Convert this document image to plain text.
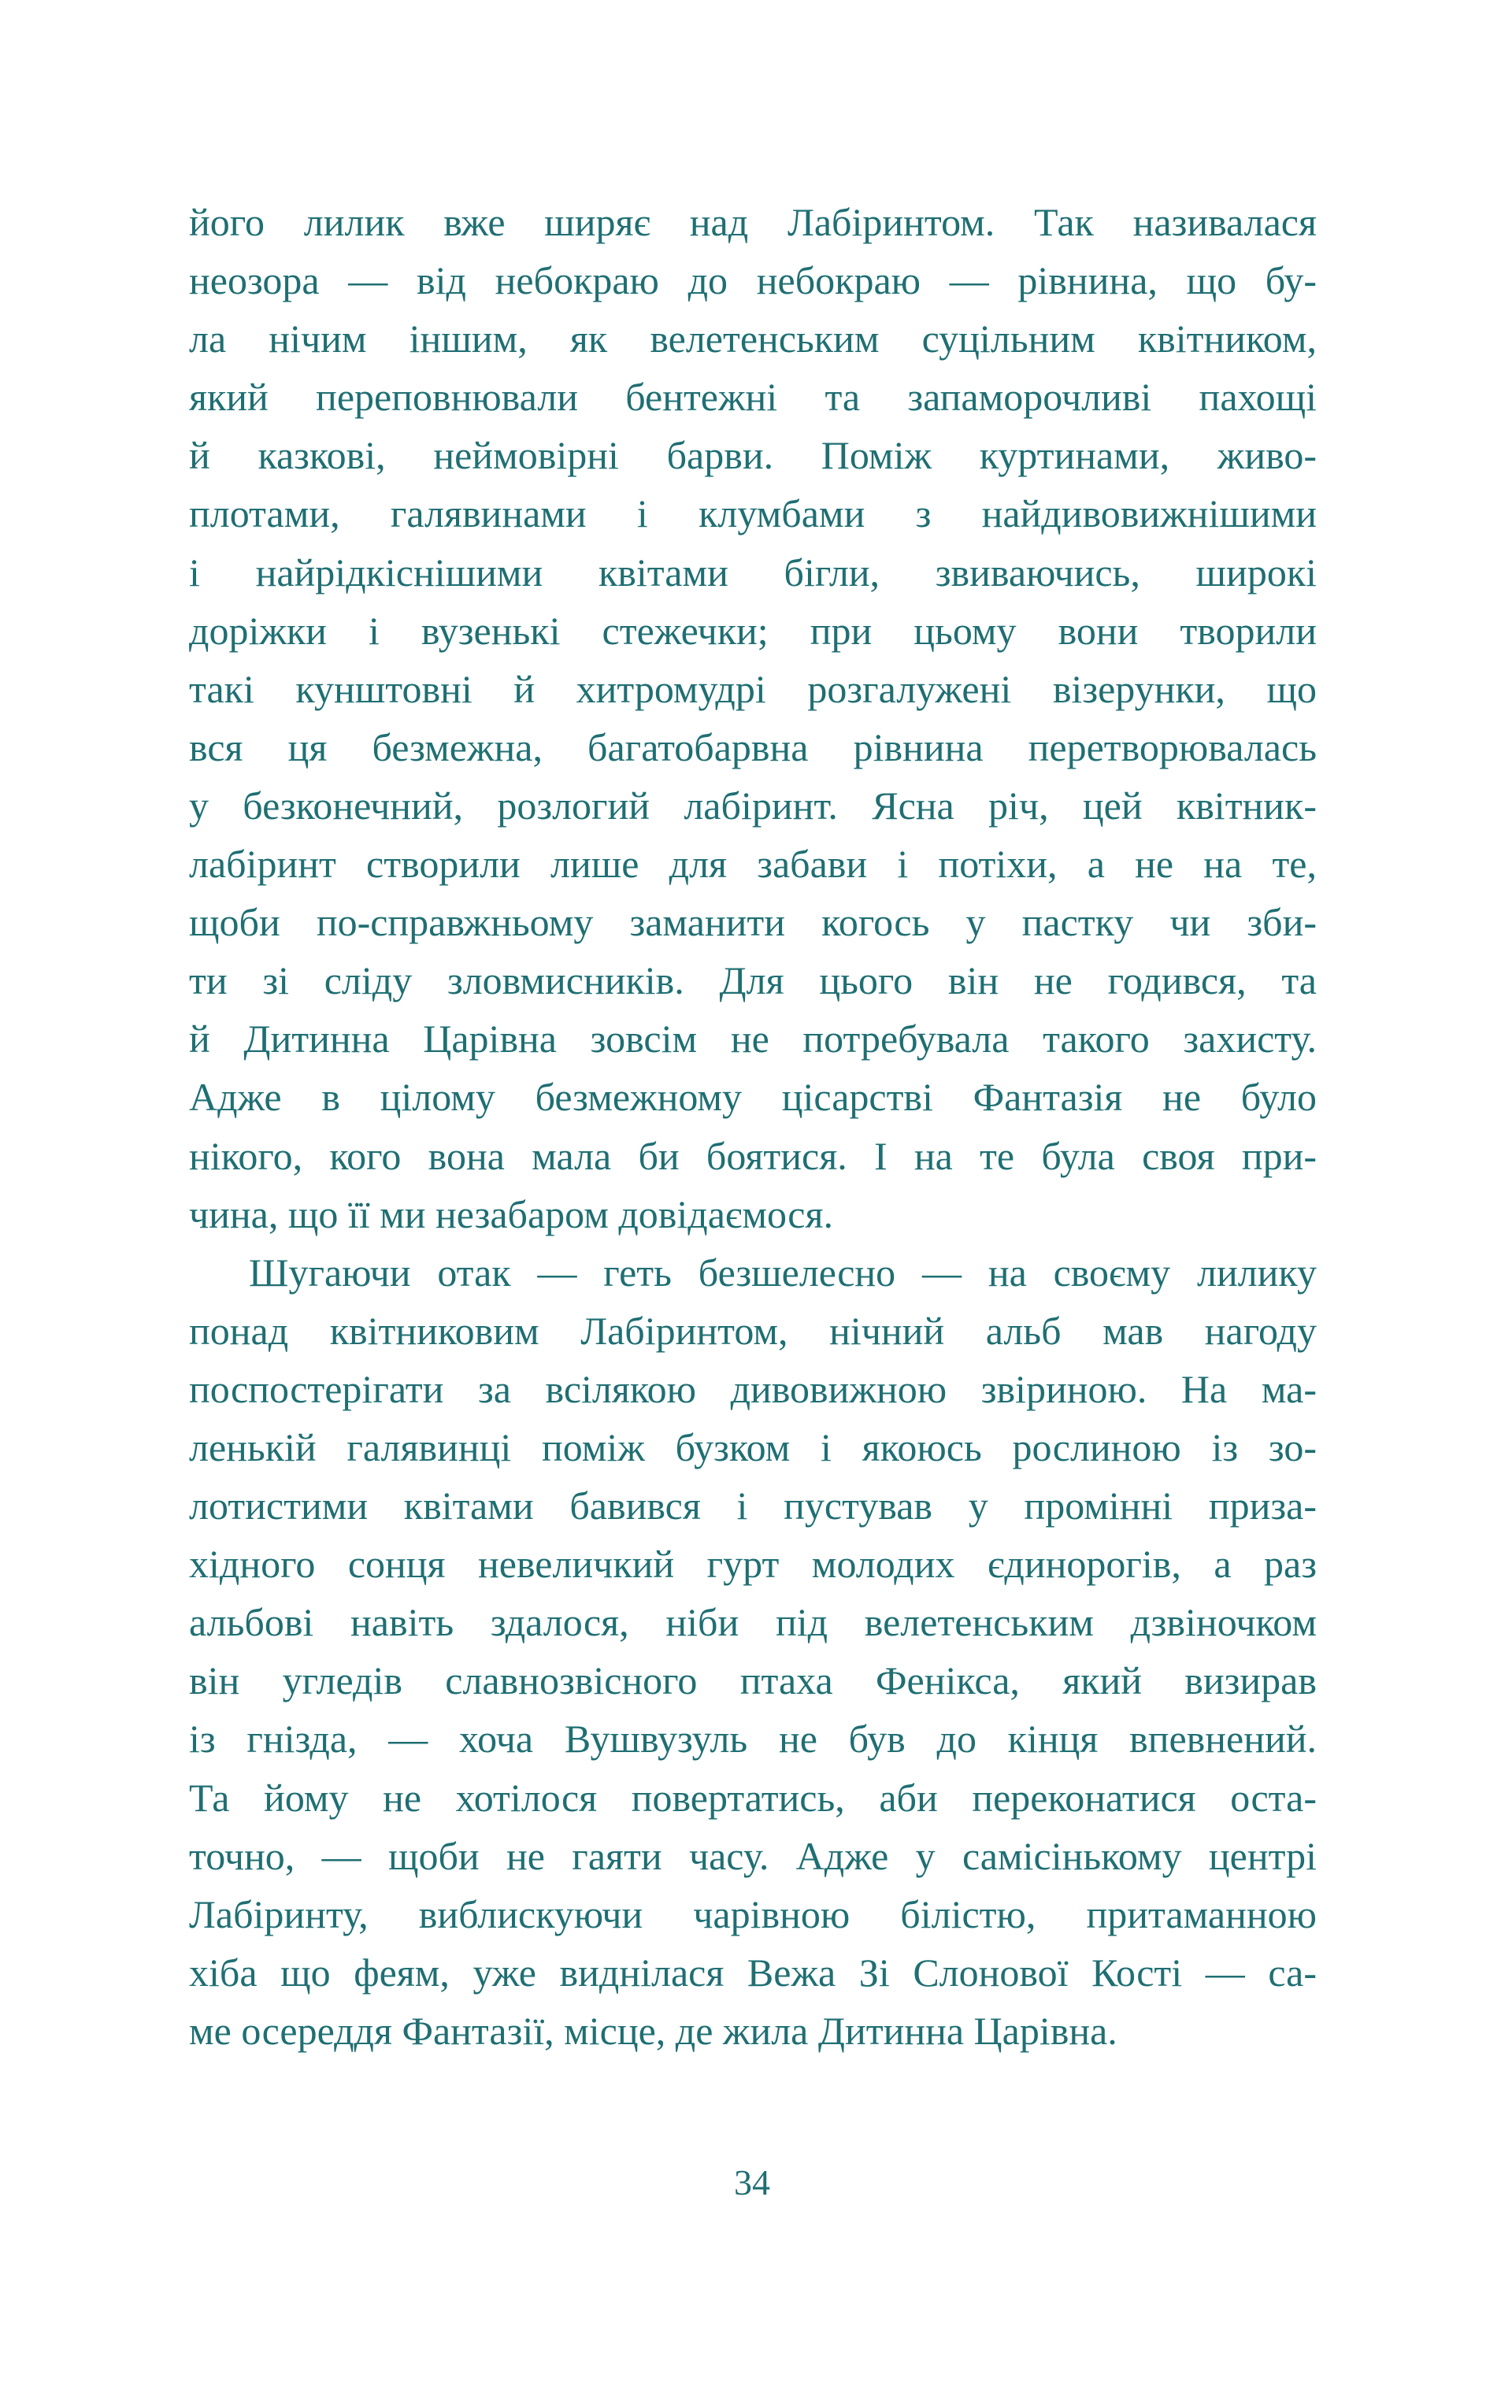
його лилик вже ширяє над Лабіринтом. Так називалася
неозора — від небокраю до небокраю — рівнина, що бу-
ла нічим іншим, як велетенським суцільним квітником,
який переповнювали бентежні та запаморочливі пахощі
й казкові, неймовірні барви. Поміж куртинами, живо-
плотами, галявинами і клумбами з найдивовижнішими
і найрідкіснішими квітами бігли, звиваючись, широкі
доріжки і вузенькі стежечки; при цьому вони творили
такі кунштовні й хитромудрі розгалужені візерунки, що
вся ця безмежна, багатобарвна рівнина перетворювалась
у безконечний, розлогий лабіринт. Ясна річ, цей квітник-
лабіринт створили лише для забави і потіхи, а не на те,
щоби по-справжньому заманити когось у пастку чи зби-
ти зі сліду зловмисників. Для цього він не годився, та
й Дитинна Царівна зовсім не потребувала такого захисту.
Адже в цілому безмежному цісарстві Фантазія не було
нікого, кого вона мала би боятися. І на те була своя при-
чина, що її ми незабаром довідаємося.
Шугаючи отак — геть безшелесно — на своєму лилику
понад квітниковим Лабіринтом, нічний альб мав нагоду
поспостерігати за всілякою дивовижною звіриною. На ма-
ленькій галявинці поміж бузком і якоюсь рослиною із зо-
лотистими квітами бавився і пустував у промінні приза-
хідного сонця невеличкий гурт молодих єдинорогів, а раз
альбові навіть здалося, ніби під велетенським дзвіночком
він угледів славнозвісного птаха Фенікса, який визирав
із гнізда, — хоча Вушвузуль не був до кінця впевнений.
Та йому не хотілося повертатись, аби переконатися оста-
точно, — щоби не гаяти часу. Адже у самісінькому центрі
Лабіринту, виблискуючи чарівною білістю, притаманною
хіба що феям, уже виднілася Вежа Зі Слонової Кості — са-
ме осереддя Фантазії, місце, де жила Дитинна Царівна.
34
